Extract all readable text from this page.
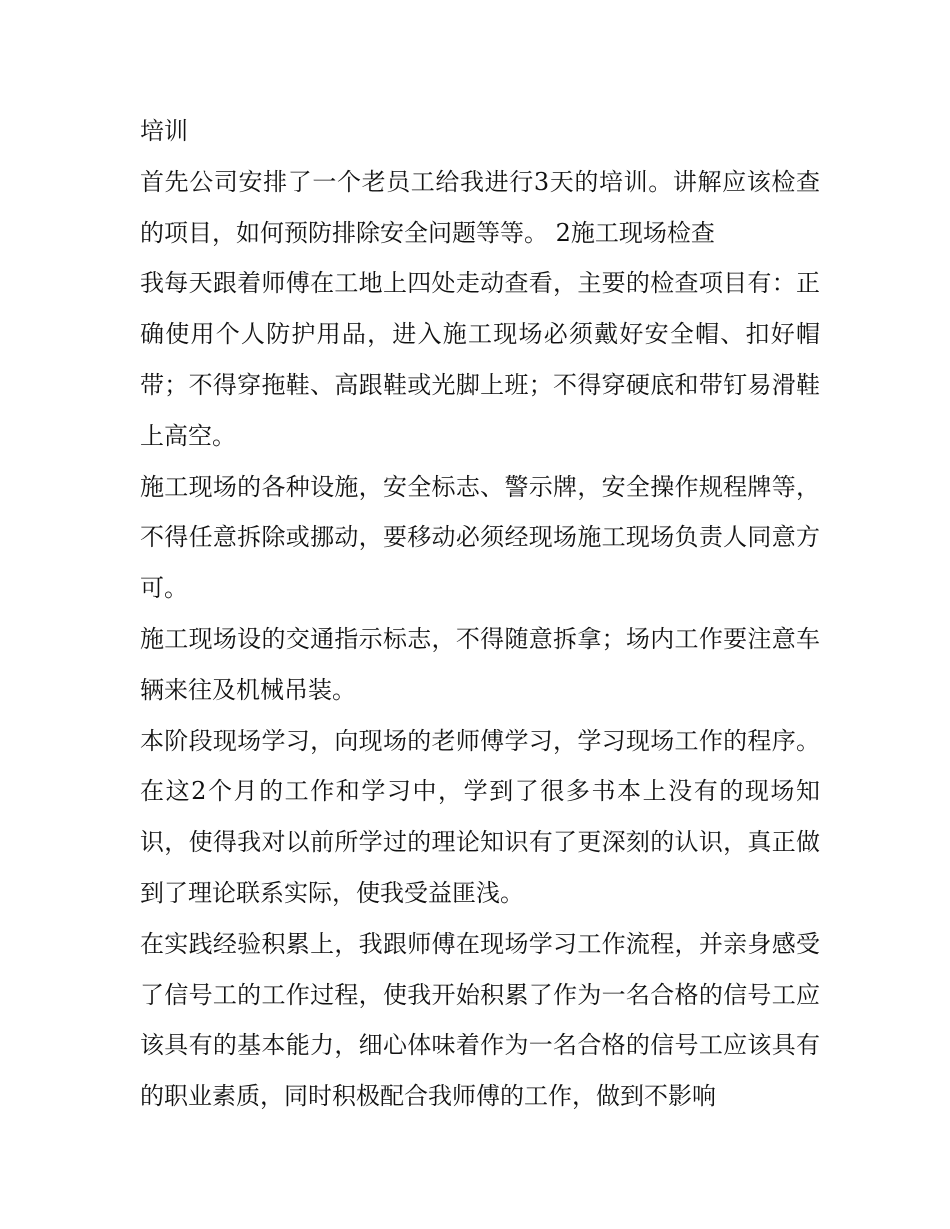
培训

首先公司安排了一个老员工给我进行3天的培训。讲解应该检查的项目，如何预防排除安全问题等等。 2施工现场检查

我每天跟着师傅在工地上四处走动查看，主要的检查项目有：正确使用个人防护用品，进入施工现场必须戴好安全帽、扣好帽带；不得穿拖鞋、高跟鞋或光脚上班；不得穿硬底和带钉易滑鞋上高空。

施工现场的各种设施，安全标志、警示牌，安全操作规程牌等，不得任意拆除或挪动，要移动必须经现场施工现场负责人同意方可。

施工现场设的交通指示标志，不得随意拆拿；场内工作要注意车辆来往及机械吊装。

本阶段现场学习，向现场的老师傅学习，学习现场工作的程序。在这2个月的工作和学习中，学到了很多书本上没有的现场知识，使得我对以前所学过的理论知识有了更深刻的认识，真正做到了理论联系实际，使我受益匪浅。

在实践经验积累上，我跟师傅在现场学习工作流程，并亲身感受了信号工的工作过程，使我开始积累了作为一名合格的信号工应该具有的基本能力，细心体味着作为一名合格的信号工应该具有的职业素质，同时积极配合我师傅的工作，做到不影响
